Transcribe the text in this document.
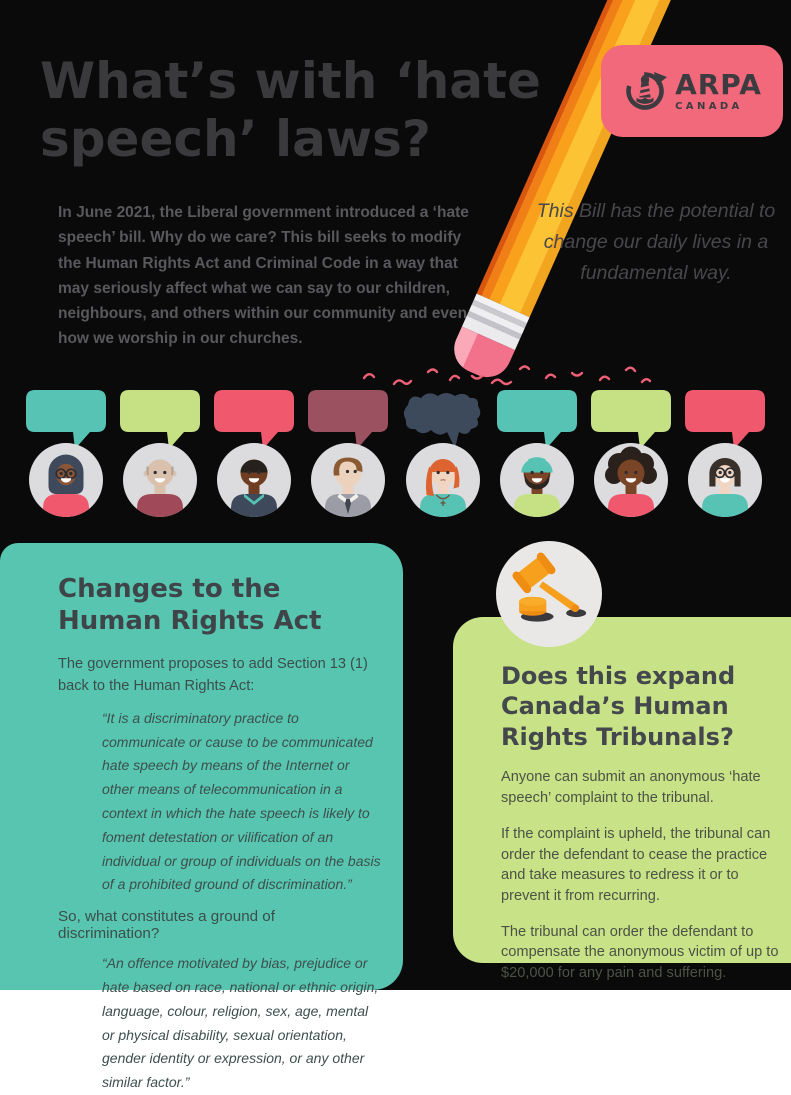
What’s with ‘hate speech’ laws?
In June 2021, the Liberal government introduced a ‘hate speech’ bill. Why do we care? This bill seeks to modify the Human Rights Act and Criminal Code in a way that may seriously affect what we can say to our children, neighbours, and others within our community and even how we worship in our churches.
ARPA
CANADA
This Bill has the potential to change our daily lives in a fundamental way.
Changes to the Human Rights Act

The government proposes to add Section 13 (1) back to the Human Rights Act:

“It is a discriminatory practice to communicate or cause to be communicated hate speech by means of the Internet or other means of telecommunication in a context in which the hate speech is likely to foment detestation or vilification of an individual or group of individuals on the basis of a prohibited ground of discrimination.”

So, what constitutes a ground of discrimination?

“An offence motivated by bias, prejudice or hate based on race, national or ethnic origin, language, colour, religion, sex, age, mental or physical disability, sexual orientation, gender identity or expression, or any other similar factor.”
Does this expand Canada’s Human Rights Tribunals?

Anyone can submit an anonymous ‘hate speech’ complaint to the tribunal.

If the complaint is upheld, the tribunal can order the defendant to cease the practice and take measures to redress it or to prevent it from recurring.

The tribunal can order the defendant to compensate the anonymous victim of up to $20,000 for any pain and suffering.
